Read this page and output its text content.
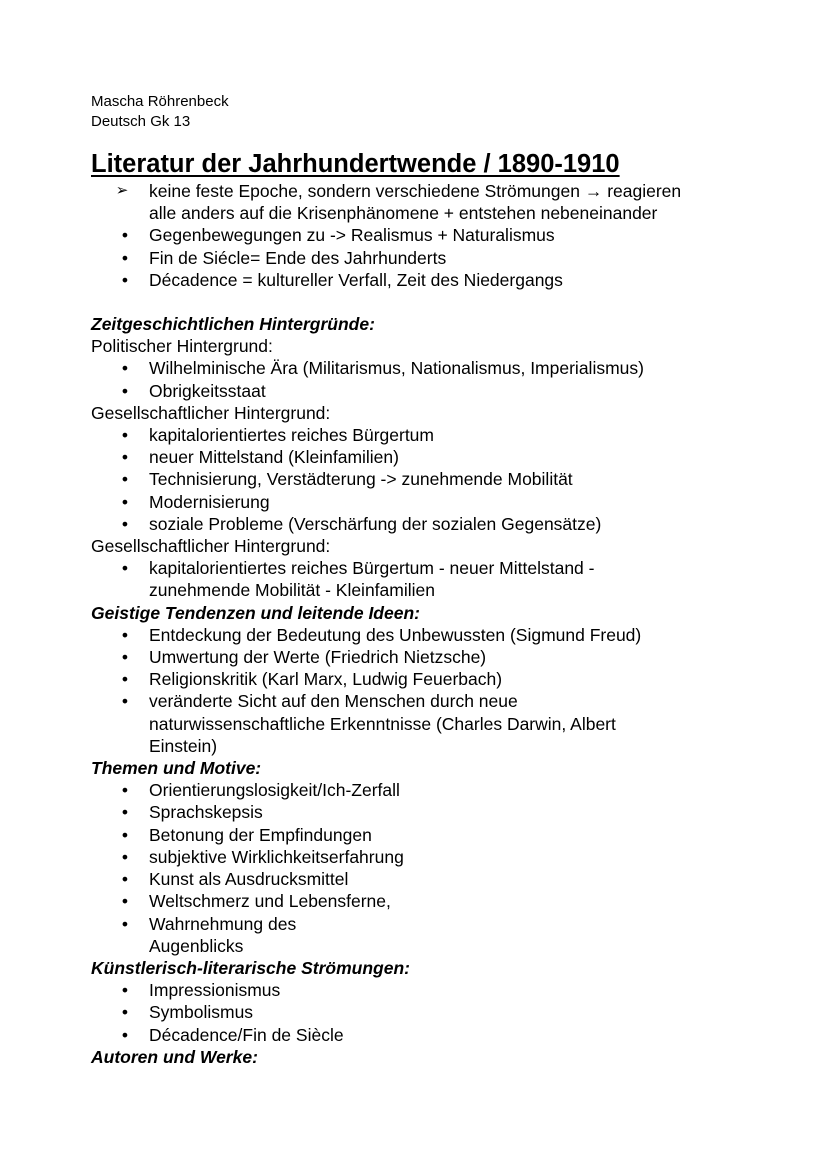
Mascha Röhrenbeck
Deutsch Gk 13
Literatur der Jahrhundertwende / 1890-1910
➢ keine feste Epoche, sondern verschiedene Strömungen → reagieren
alle anders auf die Krisenphänomene + entstehen nebeneinander
•	Gegenbewegungen zu -> Realismus + Naturalismus
•	Fin de Siécle= Ende des Jahrhunderts
•	Décadence = kultureller Verfall, Zeit des Niedergangs
Zeitgeschichtlichen Hintergründe:
Politischer Hintergrund:
•	Wilhelminische Ära (Militarismus, Nationalismus, Imperialismus)
•	Obrigkeitsstaat
Gesellschaftlicher Hintergrund:
•	kapitalorientiertes reiches Bürgertum
•	neuer Mittelstand (Kleinfamilien)
•	Technisierung, Verstädterung -> zunehmende Mobilität
•	Modernisierung
•	soziale Probleme (Verschärfung der sozialen Gegensätze)
Gesellschaftlicher Hintergrund:
•	kapitalorientiertes reiches Bürgertum - neuer Mittelstand -
zunehmende Mobilität - Kleinfamilien
Geistige Tendenzen und leitende Ideen:
•	Entdeckung der Bedeutung des Unbewussten (Sigmund Freud)
•	Umwertung der Werte (Friedrich Nietzsche)
•	Religionskritik (Karl Marx, Ludwig Feuerbach)
•	veränderte Sicht auf den Menschen durch neue
naturwissenschaftliche Erkenntnisse (Charles Darwin, Albert
Einstein)
Themen und Motive:
•	Orientierungslosigkeit/Ich-Zerfall
•	Sprachskepsis
•	Betonung der Empfindungen
•	subjektive Wirklichkeitserfahrung
•	Kunst als Ausdrucksmittel
•	Weltschmerz und Lebensferne,
•	Wahrnehmung des
Augenblicks
Künstlerisch-literarische Strömungen:
•	Impressionismus
•	Symbolismus
•	Décadence/Fin de Siècle
Autoren und Werke:
